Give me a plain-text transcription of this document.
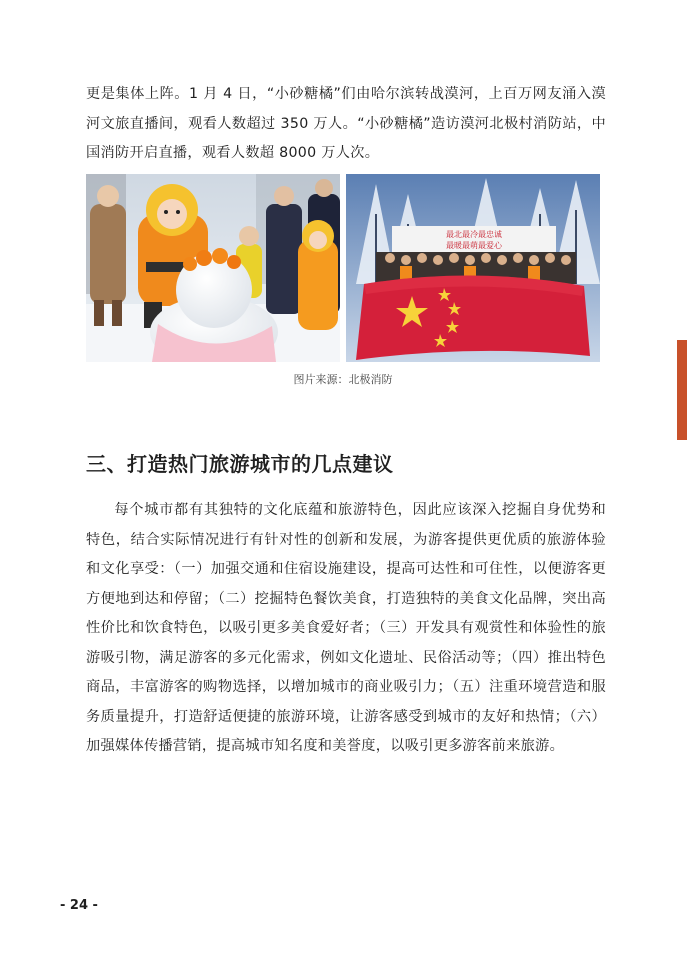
更是集体上阵。1 月 4 日，“小砂糖橘”们由哈尔滨转战漠河，上百万网友涌入漠河文旅直播间，观看人数超过 350 万人。“小砂糖橘”造访漠河北极村消防站，中国消防开启直播，观看人数超 8000 万人次。

最北最冷最忠诚
最暖最萌最爱心
图片来源：北极消防
三、打造热门旅游城市的几点建议

每个城市都有其独特的文化底蕴和旅游特色，因此应该深入挖掘自身优势和特色，结合实际情况进行有针对性的创新和发展，为游客提供更优质的旅游体验和文化享受：（一）加强交通和住宿设施建设，提高可达性和可住性，以便游客更方便地到达和停留；（二）挖掘特色餐饮美食，打造独特的美食文化品牌，突出高性价比和饮食特色，以吸引更多美食爱好者；（三）开发具有观赏性和体验性的旅游吸引物，满足游客的多元化需求，例如文化遗址、民俗活动等；（四）推出特色商品，丰富游客的购物选择，以增加城市的商业吸引力；（五）注重环境营造和服务质量提升，打造舒适便捷的旅游环境，让游客感受到城市的友好和热情；（六）加强媒体传播营销，提高城市知名度和美誉度，以吸引更多游客前来旅游。

- 24 -
